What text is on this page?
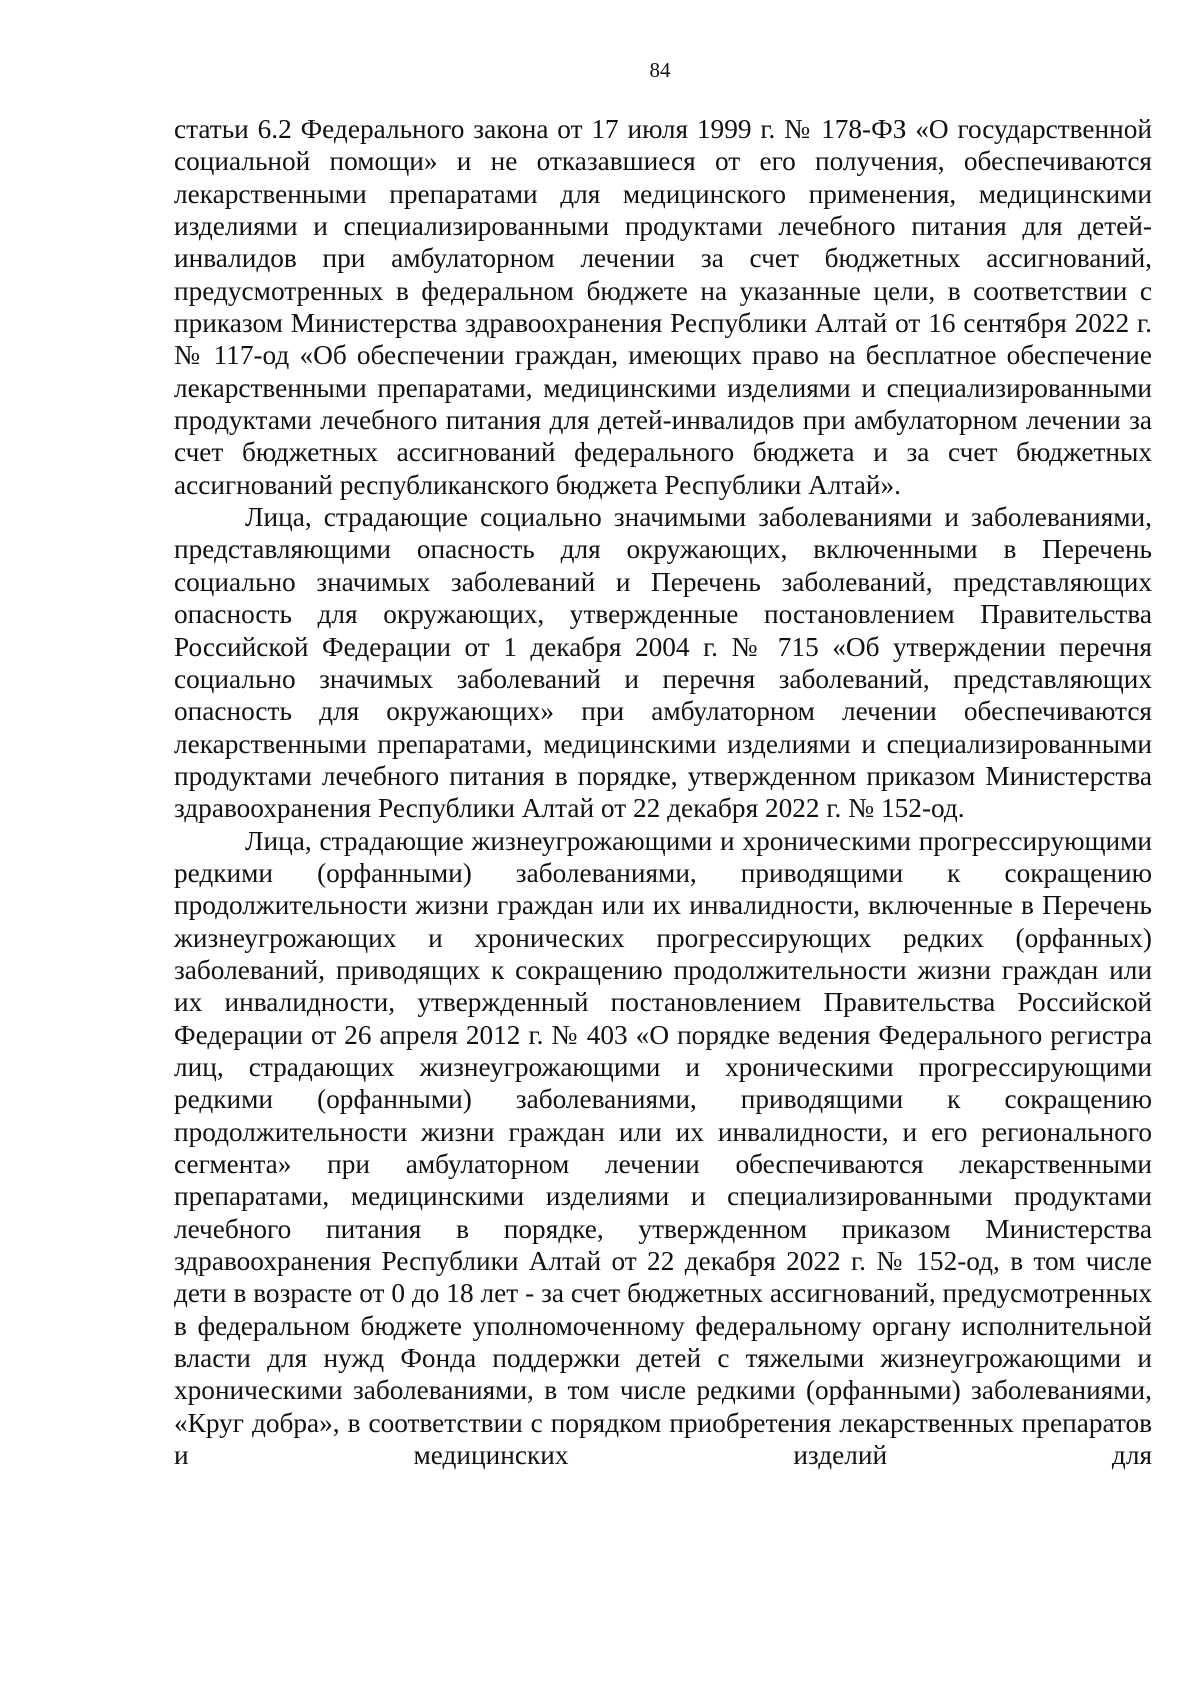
84

статьи 6.2 Федерального закона от 17 июля 1999 г. № 178-ФЗ «О государственной социальной помощи» и не отказавшиеся от его получения, обеспечиваются лекарственными препаратами для медицинского применения, медицинскими изделиями и специализированными продуктами лечебного питания для детей-инвалидов при амбулаторном лечении за счет бюджетных ассигнований, предусмотренных в федеральном бюджете на указанные цели, в соответствии с приказом Министерства здравоохранения Республики Алтай от 16 сентября 2022 г. № 117-од «Об обеспечении граждан, имеющих право на бесплатное обеспечение лекарственными препаратами, медицинскими изделиями и специализированными продуктами лечебного питания для детей-инвалидов при амбулаторном лечении за счет бюджетных ассигнований федерального бюджета и за счет бюджетных ассигнований республиканского бюджета Республики Алтай».

Лица, страдающие социально значимыми заболеваниями и заболеваниями, представляющими опасность для окружающих, включенными в Перечень социально значимых заболеваний и Перечень заболеваний, представляющих опасность для окружающих, утвержденные постановлением Правительства Российской Федерации от 1 декабря 2004 г. № 715 «Об утверждении перечня социально значимых заболеваний и перечня заболеваний, представляющих опасность для окружающих» при амбулаторном лечении обеспечиваются лекарственными препаратами, медицинскими изделиями и специализированными продуктами лечебного питания в порядке, утвержденном приказом Министерства здравоохранения Республики Алтай от 22 декабря 2022 г. № 152-од.

Лица, страдающие жизнеугрожающими и хроническими прогрессирующими редкими (орфанными) заболеваниями, приводящими к сокращению продолжительности жизни граждан или их инвалидности, включенные в Перечень жизнеугрожающих и хронических прогрессирующих редких (орфанных) заболеваний, приводящих к сокращению продолжительности жизни граждан или их инвалидности, утвержденный постановлением Правительства Российской Федерации от 26 апреля 2012 г. № 403 «О порядке ведения Федерального регистра лиц, страдающих жизнеугрожающими и хроническими прогрессирующими редкими (орфанными) заболеваниями, приводящими к сокращению продолжительности жизни граждан или их инвалидности, и его регионального сегмента» при амбулаторном лечении обеспечиваются лекарственными препаратами, медицинскими изделиями и специализированными продуктами лечебного питания в порядке, утвержденном приказом Министерства здравоохранения Республики Алтай от 22 декабря 2022 г. № 152-од, в том числе дети в возрасте от 0 до 18 лет - за счет бюджетных ассигнований, предусмотренных в федеральном бюджете уполномоченному федеральному органу исполнительной власти для нужд Фонда поддержки детей с тяжелыми жизнеугрожающими и хроническими заболеваниями, в том числе редкими (орфанными) заболеваниями, «Круг добра», в соответствии с порядком приобретения лекарственных препаратов и медицинских изделий для
